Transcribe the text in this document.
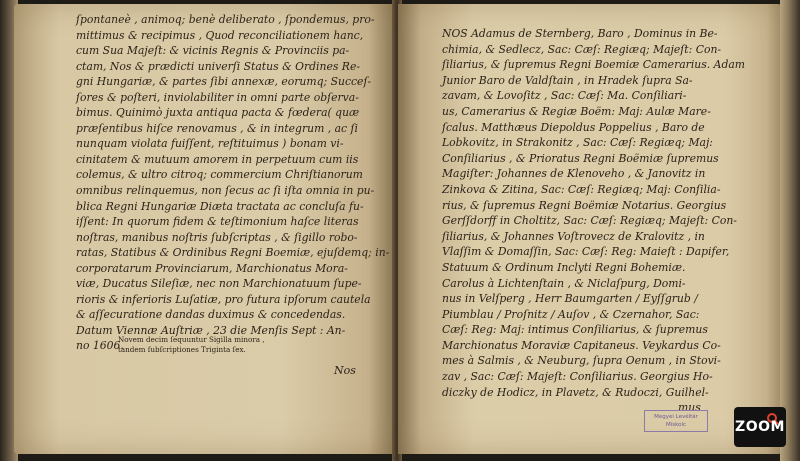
ſpontaneè , animoq; benè deliberato , ſpondemus, pro-
mittimus & recipimus , Quod reconciliationem hanc,
cum Sua Majeſt: & vicinis Regnis & Provinciis pa-
ctam, Nos & prædicti univerſi Status & Ordines Re-
gni Hungariæ, & partes ſibi annexæ, eorumq; Succeſ-
ſores & poſteri, inviolabiliter in omni parte obſerva-
bimus. Quinimò juxta antiqua pacta & fœdera( quæ
præſentibus hiſce renovamus , & in integrum , ac ſi
nunquam violata fuiſſent, reſtituimus ) bonam vi-
cinitatem & mutuum amorem in perpetuum cum iis
colemus, & ultro citroq; commercium Chriſtianorum
omnibus relinquemus, non ſecus ac ſi iſta omnia in pu-
blica Regni Hungariæ Diæta tractata ac concluſa fu-
iſſent: In quorum fidem & teſtimonium haſce literas
noſtras, manibus noſtris ſubſcriptas , & ſigillo robo-
ratas, Statibus & Ordinibus Regni Boemiæ, ejuſdemq; in-
corporatarum Provinciarum, Marchionatus Mora-
viæ, Ducatus Sileſiæ, nec non Marchionatuum ſupe-
rioris & inferioris Luſatiæ, pro futura ipſorum cautela
& aſſecuratione dandas duximus & concedendas.
Datum Viennæ Auſtriæ , 23 die Menſis Sept : An-
no 1606.
Novem decim ſequuntur Sigilla minora ,
tandem ſubſcriptiones Triginta ſex.
Nos
NOS Adamus de Sternberg, Baro , Dominus in Be-
chimia, & Sedlecz, Sac: Cæſ: Regiæq; Majeſt: Con-
ſiliarius, & ſupremus Regni Boemiæ Camerarius. Adam
Junior Baro de Valdſtain , in Hradek ſupra Sa-
zavam, & Lovoſitz , Sac: Cæſ: Ma. Conſiliari-
us, Camerarius & Regiæ Boëm: Maj: Aulæ Mare-
ſcalus. Matthæus Diepoldus Poppelius , Baro de
Lobkovitz, in Strakonitz , Sac: Cæſ: Regiæq; Maj:
Conſiliarius , & Prioratus Regni Boëmiæ ſupremus
Magiſter: Johannes de Klenoveho , & Janovitz in
Zinkova & Zitina, Sac: Cæſ: Regiæq; Maj: Conſilia-
rius, & ſupremus Regni Boëmiæ Notarius. Georgius
Gerſſdorff in Choltitz, Sac: Cæſ: Regiæq; Majeſt: Con-
ſiliarius, & Johannes Voſtrovecz de Kralovitz , in
Vlaſſim & Domaſſin, Sac: Cæſ: Reg: Maieſt : Dapifer,
Statuum & Ordinum Inclyti Regni Bohemiæ.
Carolus à Lichtenſtain , & Niclaſpurg, Domi-
nus in Velſperg , Herr Baumgarten / Eyſſgrub /
Piumblau / Proſnitz / Auſov , & Czernahor, Sac:
Cæſ: Reg: Maj: intimus Conſiliarius, & ſupremus
Marchionatus Moraviæ Capitaneus. Veykardus Co-
mes à Salmis , & Neuburg, ſupra Oenum , in Stovi-
zav , Sac: Cæſ: Majeſt: Conſiliarius. Georgius Ho-
diczky de Hodicz, in Plavetz, & Rudoczi, Guilhel-
mus
Megyei Levéltár
Miskolc	ZOOM
